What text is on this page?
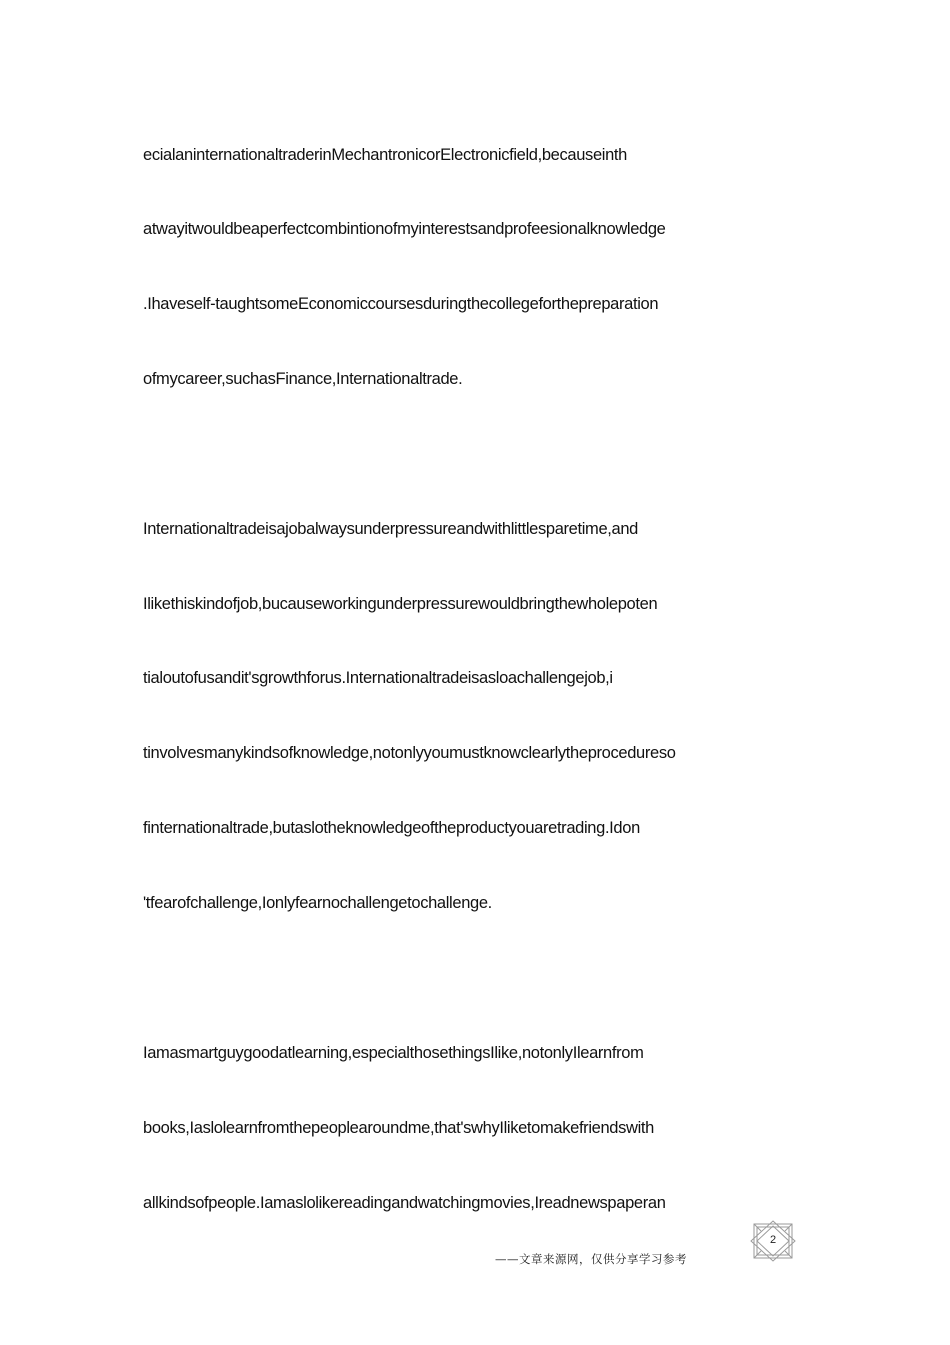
ecialaninternationaltraderinMechantronicorElectronicfield,becauseinth
atwayitwouldbeaperfectcombintionofmyinterestsandprofeesionalknowledge
.Ihaveself-taughtsomeEconomiccoursesduringthecollegeforthepreparation
ofmycareer,suchasFinance,Internationaltrade.
Internationaltradeisajobalwaysunderpressureandwithlittlesparetime,and
Ilikethiskindofjob,bucauseworkingunderpressurewouldbringthewholepoten
tialoutofusandit'sgrowthforus.Internationaltradeisasloachallengejob,i
tinvolvesmanykindsofknowledge,notonlyyoumustknowclearlytheprocedureso
finternationaltrade,butaslotheknowledgeoftheproductyouaretrading.Idon
'tfearofchallenge,Ionlyfearnochallengetochallenge.
Iamasmartguygoodatlearning,especialthosethingsIlike,notonlyIlearnfrom
books,Iaslolearnfromthepeoplearoundme,that'swhyIliketomakefriendswith
allkindsofpeople.Iamaslolikereadingandwatchingmovies,Ireadnewspaperan
——文章来源网，仅供分享学习参考
2
